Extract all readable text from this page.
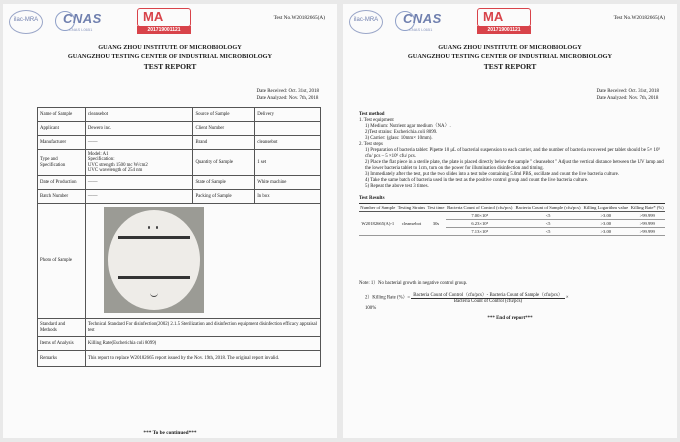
ilac-MRA CNAS
CNAS L0651
MA
201719001121
Test No.W20182665(A)
GUANG ZHOU INSTITUTE OF MICROBIOLOGY
GUANGZHOU TESTING CENTER OF INDUSTRIAL MICROBIOLOGY
TEST REPORT
Date Received: Oct. 31st, 2018
Date Analyzed: Nov. 7th, 2018
Name of Sample	cleansebot	Source of Sample	Delivery
Applicant	Dewero inc.	Client Number	
Manufacturer	——	Brand	cleansebot
Type and Specification	Model: A1
Specification:
UVC strength 1500 mc W/cm2
UVC wavelength of 254 nm	Quantity of Sample	1 set
Date of Production	——	State of Sample	White machine
Batch Number	——	Packing of Sample	In box
Photo of Sample			

Standard and Methods	Technical Standard For disinfection(2002) 2.1.5 Sterilization and disinfection equipment disinfection efficacy appraisal test		
Items of Analysis	Killing Rate(Escherichia coli 8099)		
Remarks	This report to replace W20182665 report issued by the Nov. 19th, 2018. The original report invalid.		
*** To be continued***
ilac-MRA CNAS
CNAS L0651
MA
201719001121
Test No.W20182665(A)
GUANG ZHOU INSTITUTE OF MICROBIOLOGY
GUANGZHOU TESTING CENTER OF INDUSTRIAL MICROBIOLOGY
TEST REPORT
Date Received: Oct. 31st, 2018
Date Analyzed: Nov. 7th, 2018
Test method
1. Test equipment
1) Medium: Nutrient agar medium（NA）.
2)Test strains: Escherichia.coli 8099.
3) Carrier: (glass: 10mm× 10mm).
2. Test steps
1) Preparation of bacteria tablet: Pipette 10 μL of bacterial suspension to each carrier, and the number of bacteria recovered per tablet should be 5× 10⁵ cfu/ pcs – 5 ×10⁶ cfu/ pcs.
2) Place the flat piece in a sterile plate, the plate is placed directly below the sample " cleansebot " Adjust the vertical distance between the UV lamp and the lower bacteria tablet to 1cm, turn on the power for illumination disinfection and timing.
3) Immediately after the test, put the two slides into a test tube containing 5.0ml PBS, oscillate and count the live bacteria culture.
4) Take the same batch of bacteria used in the test as the positive control group and count the live bacteria culture.
5) Repeat the above test 3 times.
Test Results
Number of Sample	Testing Strains	Test time	Bacteria Count of Control (cfu/pcs)	Bacteria Count of Sample (cfu/pcs)	Killing Logarithm value	Killing Rate* (%)
W20182665(A)-1	cleansebot	30s	7.00×10⁵	<5	>3.00	>99.999
			6.23×10⁵	<5	>3.00	>99.999
			7.13×10⁵	<5	>3.00	>99.999
Note: 1）No bacterial growth in negative control group.
2）Killing Rate (%）=
Bacteria Count of Control（cfu/pcs）- Bacteria Count of Sample（cfu/pcs）
Bacteria Count of Control (cfu/pcs)
×
100%
*** End of report***
